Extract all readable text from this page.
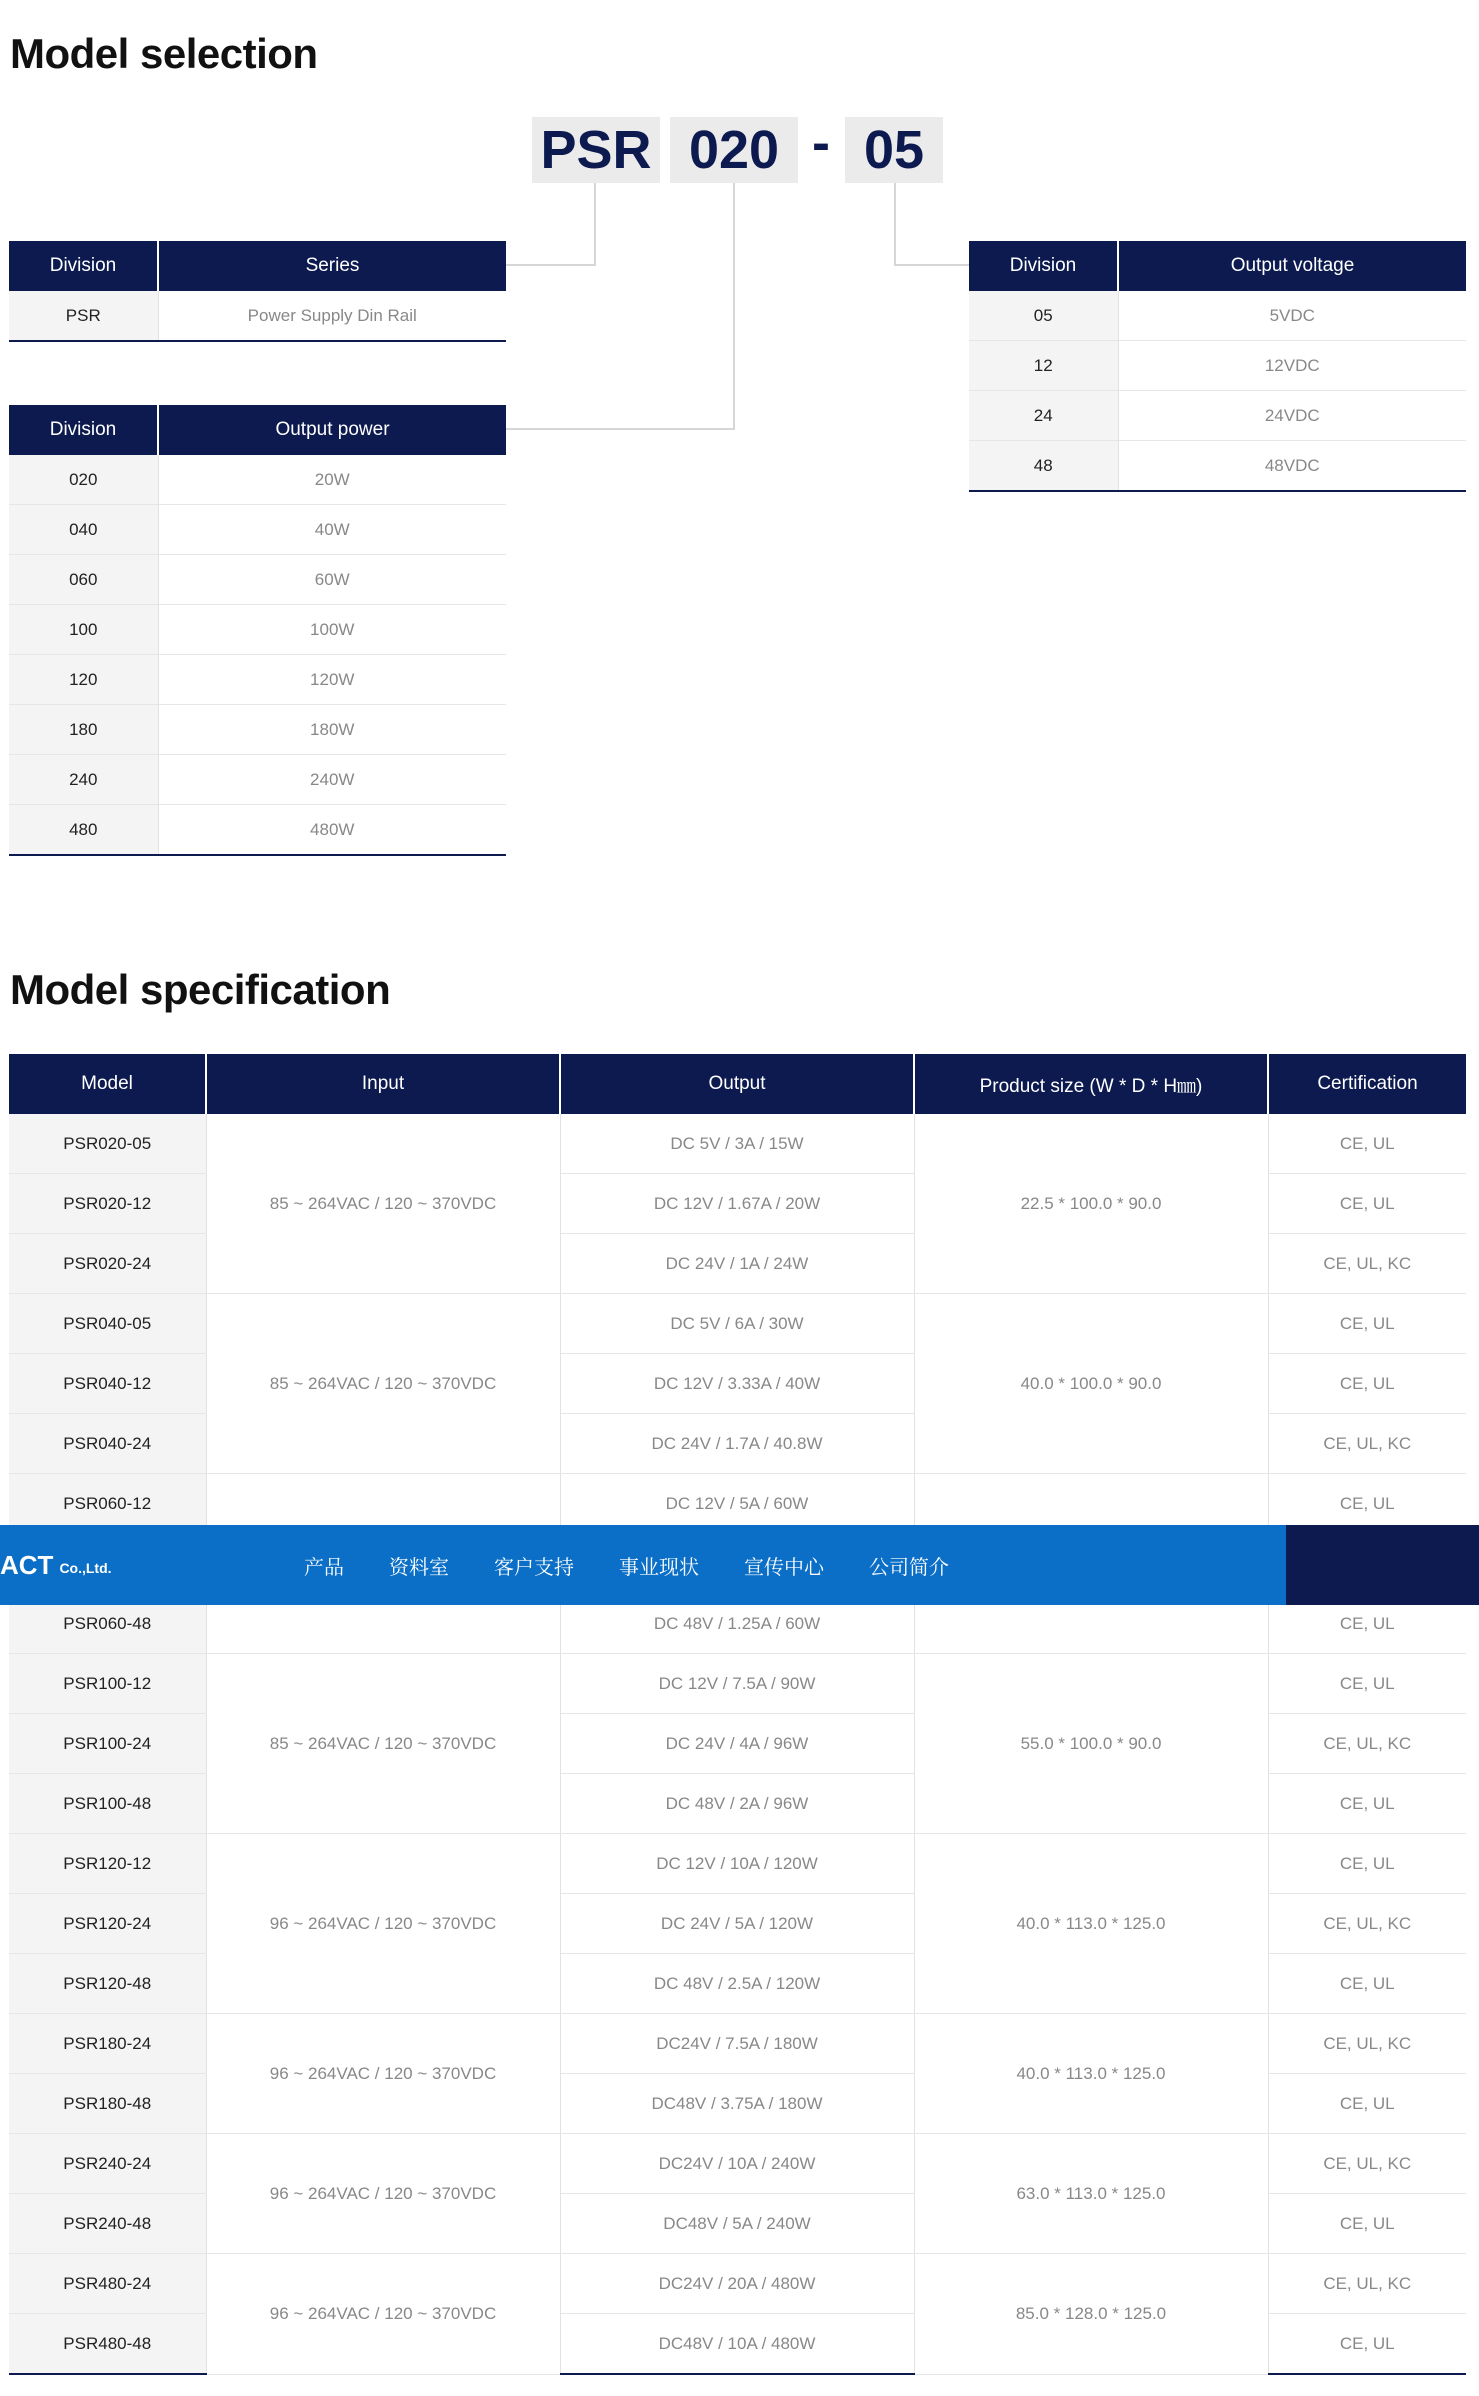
Model selection
PSR 020 - 05
Division	Series
PSR	Power Supply Din Rail
Division	Output power
020	20W
040	40W
060	60W
100	100W
120	120W
180	180W
240	240W
480	480W
Division	Output voltage
05	5VDC
12	12VDC
24	24VDC
48	48VDC
Model specification
Model	Input	Output	Product size (W * D * H㎜)	Certification
PSR020-05	85 ~ 264VAC / 120 ~ 370VDC	DC 5V / 3A / 15W	22.5 * 100.0 * 90.0	CE, UL
PSR020-12		DC 12V / 1.67A / 20W		CE, UL
PSR020-24		DC 24V / 1A / 24W		CE, UL, KC
PSR040-05	85 ~ 264VAC / 120 ~ 370VDC	DC 5V / 6A / 30W	40.0 * 100.0 * 90.0	CE, UL
PSR040-12		DC 12V / 3.33A / 40W		CE, UL
PSR040-24		DC 24V / 1.7A / 40.8W		CE, UL, KC
PSR060-12		DC 12V / 5A / 60W		CE, UL

PSR060-48		DC 48V / 1.25A / 60W		CE, UL
PSR100-12	85 ~ 264VAC / 120 ~ 370VDC	DC 12V / 7.5A / 90W	55.0 * 100.0 * 90.0	CE, UL
PSR100-24		DC 24V / 4A / 96W		CE, UL, KC
PSR100-48		DC 48V / 2A / 96W		CE, UL
PSR120-12	96 ~ 264VAC / 120 ~ 370VDC	DC 12V / 10A / 120W	40.0 * 113.0 * 125.0	CE, UL
PSR120-24		DC 24V / 5A / 120W		CE, UL, KC
PSR120-48		DC 48V / 2.5A / 120W		CE, UL
PSR180-24	96 ~ 264VAC / 120 ~ 370VDC	DC24V / 7.5A / 180W	40.0 * 113.0 * 125.0	CE, UL, KC
PSR180-48		DC48V / 3.75A / 180W		CE, UL
PSR240-24	96 ~ 264VAC / 120 ~ 370VDC	DC24V / 10A / 240W	63.0 * 113.0 * 125.0	CE, UL, KC
PSR240-48		DC48V / 5A / 240W		CE, UL
PSR480-24	96 ~ 264VAC / 120 ~ 370VDC	DC24V / 20A / 480W	85.0 * 128.0 * 125.0	CE, UL, KC
PSR480-48		DC48V / 10A / 480W		CE, UL
ACT Co.,Ltd.	产品 资料室 客户支持 事业现状 宣传中心 公司简介
